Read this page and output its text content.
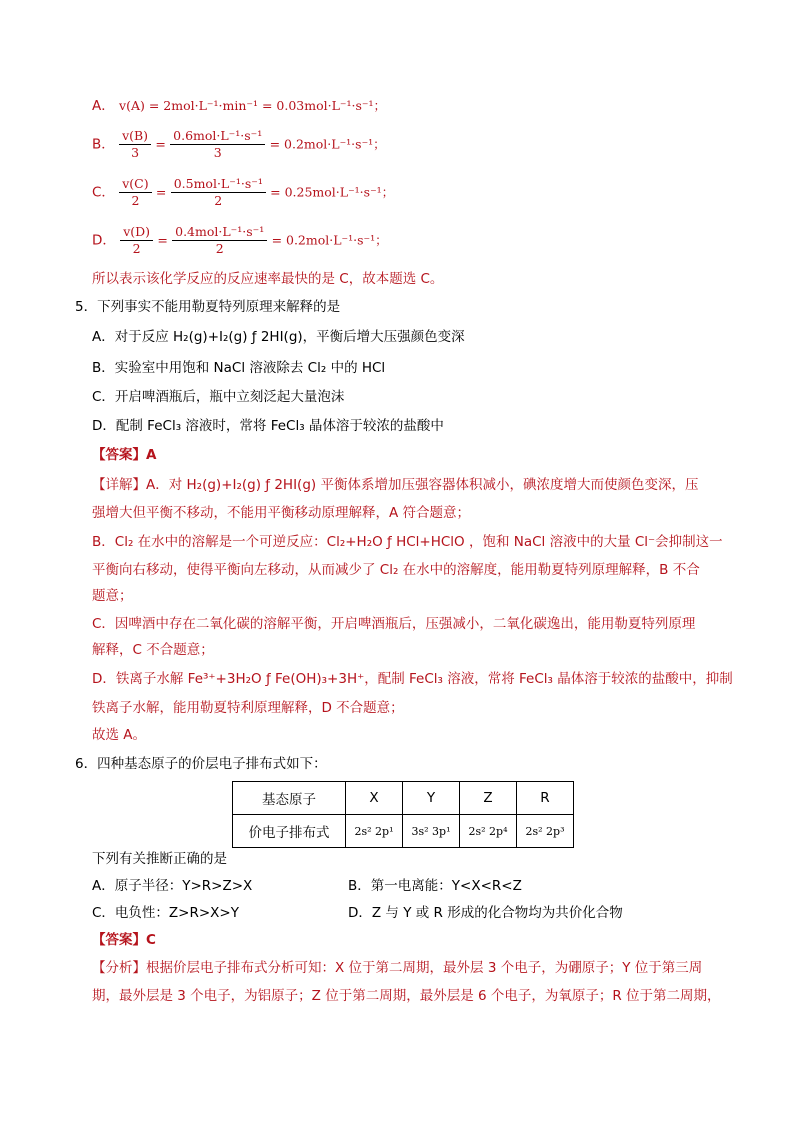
A． v(A) = 2mol·L⁻¹·min⁻¹ = 0.03mol·L⁻¹·s⁻¹；
B． $\frac{v(B)}{3} = \frac{\text{0.6mol·L⁻¹·s⁻¹}}{3} = 0.2mol\cdot L^{-1}\cdot s^{-1}$；
C． $\frac{v(C)}{2} = \frac{\text{0.5mol·L⁻¹·s⁻¹}}{2} = 0.25mol\cdot L^{-1}\cdot s^{-1}$；
D． $\frac{v(D)}{2} = \frac{\text{0.4mol·L⁻¹·s⁻¹}}{2} = 0.2mol\cdot L^{-1}\cdot s^{-1}$；
所以表示该化学反应的反应速率最快的是 C，故本题选 C。
5．下列事实不能用勒夏特列原理来解释的是
A．对于反应 H₂(g)+I₂(g) ƒ 2HI(g)，平衡后增大压强颜色变深
B．实验室中用饱和 NaCl 溶液除去 Cl₂ 中的 HCl
C．开启啤酒瓶后，瓶中立刻泛起大量泡沫
D．配制 FeCl₃ 溶液时，常将 FeCl₃ 晶体溶于较浓的盐酸中
【答案】A
【详解】A．对 H₂(g)+I₂(g) ƒ 2HI(g) 平衡体系增加压强容器体积减小，碘浓度增大而使颜色变深，压
强增大但平衡不移动，不能用平衡移动原理解释，A 符合题意；
B．Cl₂ 在水中的溶解是一个可逆反应：Cl₂+H₂O ƒ HCl+HClO ，饱和 NaCl 溶液中的大量 Cl⁻会抑制这一
平衡向右移动，使得平衡向左移动，从而减少了 Cl₂ 在水中的溶解度，能用勒夏特列原理解释，B 不合
题意；
C．因啤酒中存在二氧化碳的溶解平衡，开启啤酒瓶后，压强减小，二氧化碳逸出，能用勒夏特列原理
解释，C 不合题意；
D．铁离子水解 Fe³⁺+3H₂O ƒ Fe(OH)₃+3H⁺，配制 FeCl₃ 溶液，常将 FeCl₃ 晶体溶于较浓的盐酸中，抑制
铁离子水解，能用勒夏特利原理解释，D 不合题意；
故选 A。
6．四种基态原子的价层电子排布式如下：
基态原子	X	Y	Z	R
价电子排布式	2s² 2p¹	3s² 3p¹	2s² 2p⁴	2s² 2p³
下列有关推断正确的是
A．原子半径：Y>R>Z>X	B．第一电离能：Y<X<R<Z
C．电负性：Z>R>X>Y	D．Z 与 Y 或 R 形成的化合物均为共价化合物
【答案】C
【分析】根据价层电子排布式分析可知：X 位于第二周期，最外层 3 个电子，为硼原子；Y 位于第三周
期，最外层是 3 个电子，为铝原子；Z 位于第二周期，最外层是 6 个电子，为氧原子；R 位于第二周期，
